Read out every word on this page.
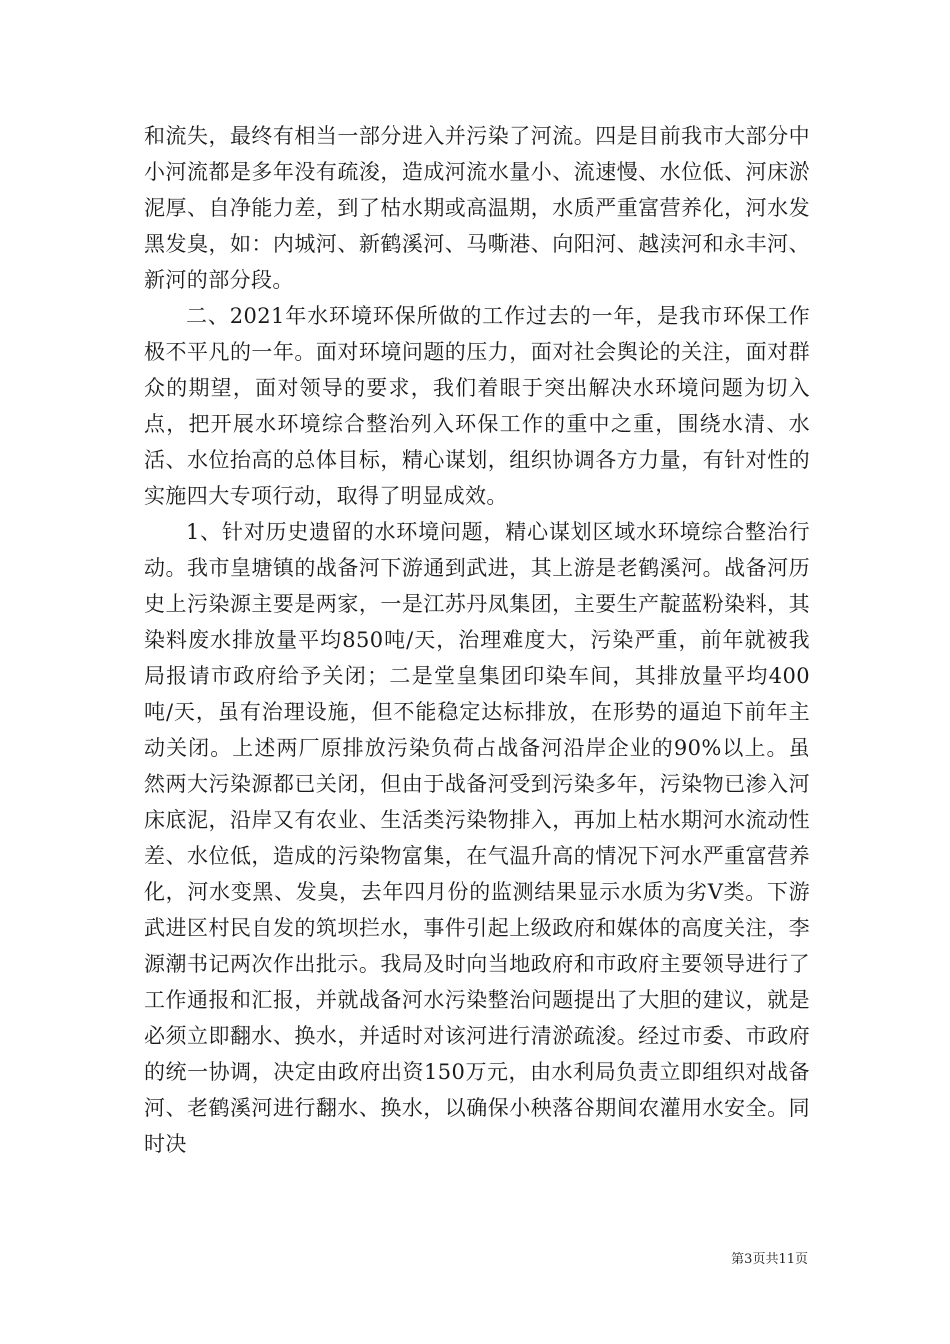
和流失，最终有相当一部分进入并污染了河流。四是目前我市大部分中小河流都是多年没有疏浚，造成河流水量小、流速慢、水位低、河床淤泥厚、自净能力差，到了枯水期或高温期，水质严重富营养化，河水发黑发臭，如：内城河、新鹤溪河、马嘶港、向阳河、越渎河和永丰河、新河的部分段。

二、2021年水环境环保所做的工作过去的一年，是我市环保工作极不平凡的一年。面对环境问题的压力，面对社会舆论的关注，面对群众的期望，面对领导的要求，我们着眼于突出解决水环境问题为切入点，把开展水环境综合整治列入环保工作的重中之重，围绕水清、水活、水位抬高的总体目标，精心谋划，组织协调各方力量，有针对性的实施四大专项行动，取得了明显成效。

1、针对历史遗留的水环境问题，精心谋划区域水环境综合整治行动。我市皇塘镇的战备河下游通到武进，其上游是老鹤溪河。战备河历史上污染源主要是两家，一是江苏丹凤集团，主要生产靛蓝粉染料，其染料废水排放量平均850吨/天，治理难度大，污染严重，前年就被我局报请市政府给予关闭；二是堂皇集团印染车间，其排放量平均400吨/天，虽有治理设施，但不能稳定达标排放，在形势的逼迫下前年主动关闭。上述两厂原排放污染负荷占战备河沿岸企业的90%以上。虽然两大污染源都已关闭，但由于战备河受到污染多年，污染物已渗入河床底泥，沿岸又有农业、生活类污染物排入，再加上枯水期河水流动性差、水位低，造成的污染物富集，在气温升高的情况下河水严重富营养化，河水变黑、发臭，去年四月份的监测结果显示水质为劣Ⅴ类。下游武进区村民自发的筑坝拦水，事件引起上级政府和媒体的高度关注，李源潮书记两次作出批示。我局及时向当地政府和市政府主要领导进行了工作通报和汇报，并就战备河水污染整治问题提出了大胆的建议，就是必须立即翻水、换水，并适时对该河进行清淤疏浚。经过市委、市政府的统一协调，决定由政府出资150万元，由水利局负责立即组织对战备河、老鹤溪河进行翻水、换水，以确保小秧落谷期间农灌用水安全。同时决

第3页共11页
